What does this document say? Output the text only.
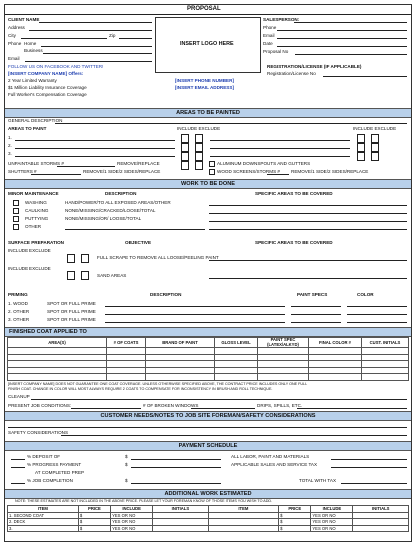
PROPOSAL
CLIENT NAME
Address
City	Zip
Phone Home
Business
Email
INSERT LOGO HERE
SALESPERSON:
Phone
Email
Date
Proposal No
FOLLOW US ON FACEBOOK AND TWITTER!
[INSERT COMPANY NAME] Offers:
2 Year Limited Warranty
$1 Million Liability Insurance Coverage
Full Worker's Compensation Coverage
[INSERT PHONE NUMBER]
[INSERT EMAIL ADDRESS]
REGISTRATION/LICENSE (IF APPLICABLE)
Registration/License No
AREAS TO BE PAINTED
GENERAL DESCRIPTION
AREAS TO PAINT	INCLUDE EXCLUDE	INCLUDE EXCLUDE
1.
2.
3.
UNPAINTABLE STORMS #	REMOVE/REPLACE
SHUTTERS #	REMOVE/1 SIDE/2 SIDES/REPLACE
ALUMINUM DOWNSPOUTS AND GUTTERS
WOOD SCREENS/STORMS # REMOVE/1 SIDE/2 SIDES/REPLACE
WORK TO BE DONE
MINOR MAINTENANCE	DESCRIPTION	SPECIFIC AREAS TO BE COVERED
WASHING	HAND/POWER/TO ALL EXPOSED AREAS/OTHER
CAULKING	NONE/MISSING/CRACKED/LOOSE/TOTAL
PUTTYING	NONE/MISSING/OR/ LOOSE/TOTAL
OTHER
SURFACE PREPARATION	OBJECTIVE	SPECIFIC AREAS TO BE COVERED
INCLUDE EXCLUDE
FULL SCRAPE TO REMOVE ALL LOOSE/PEELING PAINT
INCLUDE EXCLUDE
SAND AREAS
PRIMING	DESCRIPTION	PAINT SPECS	COLOR
1. WOOD	SPOT OR FULL PRIME
2. OTHER	SPOT OR FULL PRIME
3. OTHER	SPOT OR FULL PRIME
FINISHED COAT APPLIED TO
AREA(S)	# OF COATS	BRAND OF PAINT	GLOSS LEVEL	PAINT SPEC (LATEX/ALKYD)	FINAL COLOR #	CUST. INITIALS

[INSERT COMPANY NAME] DOES NOT GUARANTEE ONE COAT COVERAGE. UNLESS OTHERWISE SPECIFIED ABOVE, THE CONTRACT PRICE INCLUDES ONLY ONE FULL
FINISH COAT. CHANGE IN COLOR WILL MOST ALWAYS REQUIRE 2 COATS TO COMPENSATE FOR INCONSISTENCY IN BRUSH AND ROLL TECHNIQUE.
CLEANUP
PRESENT JOB CONDITIONS:	# OF BROKEN WINDOWS	DRIPS, SPILLS, ETC.
CUSTOMER NEEDS/NOTES TO JOB SITE FOREMAN/SAFETY CONSIDERATIONS
SAFETY CONSIDERATIONS
PAYMENT SCHEDULE
% DEPOSIT OF	$
% PROGRESS PAYMENT	$
AT COMPLETED PREP
% JOB COMPLETION	$
ALL LABOR, PAINT AND MATERIALS
APPLICABLE SALES AND SERVICE TAX
TOTAL WITH TAX
ADDITIONAL WORK ESTIMATED
NOTE: THESE ESTIMATES ARE NOT INCLUDED IN THE ABOVE PRICE. PLEASE LET YOUR FOREMAN KNOW OF THOSE ITEMS YOU WISH TO ADD.
ITEM	PRICE	INCLUDE	INITIALS	ITEM	PRICE	INCLUDE	INITIALS
1. SECOND COAT	$	YES OR NO			$	YES OR NO	
2. DECK	$	YES OR NO			$	YES OR NO	
3.	$	YES OR NO			$	YES OR NO	
